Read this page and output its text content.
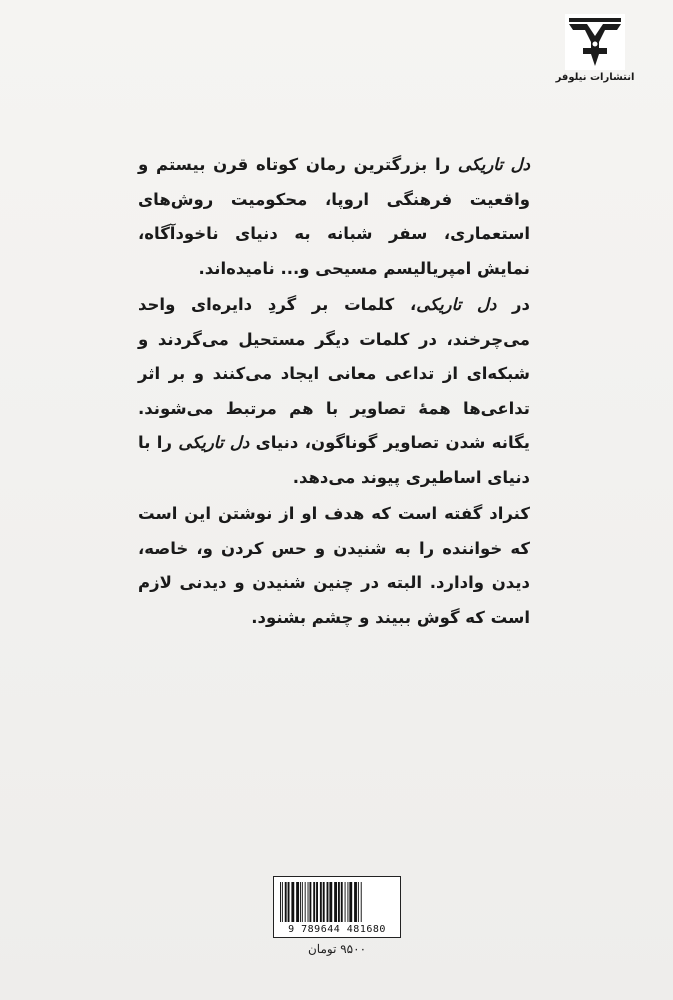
انتشارات نیلوفر

دل تاریکی را بزرگترین رمان کوتاه قرن بیستم و واقعیت فرهنگی اروپا، محکومیت روش‌های استعماری، سفر شبانه به دنیای ناخودآگاه، نمایش امپریالیسم مسیحی و... نامیده‌اند.

در دل تاریکی، کلمات بر گردِ دایره‌ای واحد می‌چرخند، در کلمات دیگر مستحیل می‌گردند و شبکه‌ای از تداعی معانی ایجاد می‌کنند و بر اثر تداعی‌ها همهٔ تصاویر با هم مرتبط می‌شوند. یگانه شدن تصاویر گوناگون، دنیای دل تاریکی را با دنیای اساطیری پیوند می‌دهد.

کنراد گفته است که هدف او از نوشتن این است که خواننده را به شنیدن و حس کردن و، خاصه، دیدن وادارد. البته در چنین شنیدن و دیدنی لازم است که گوش ببیند و چشم بشنود.

9 789644 481680
۹۵۰۰ تومان
